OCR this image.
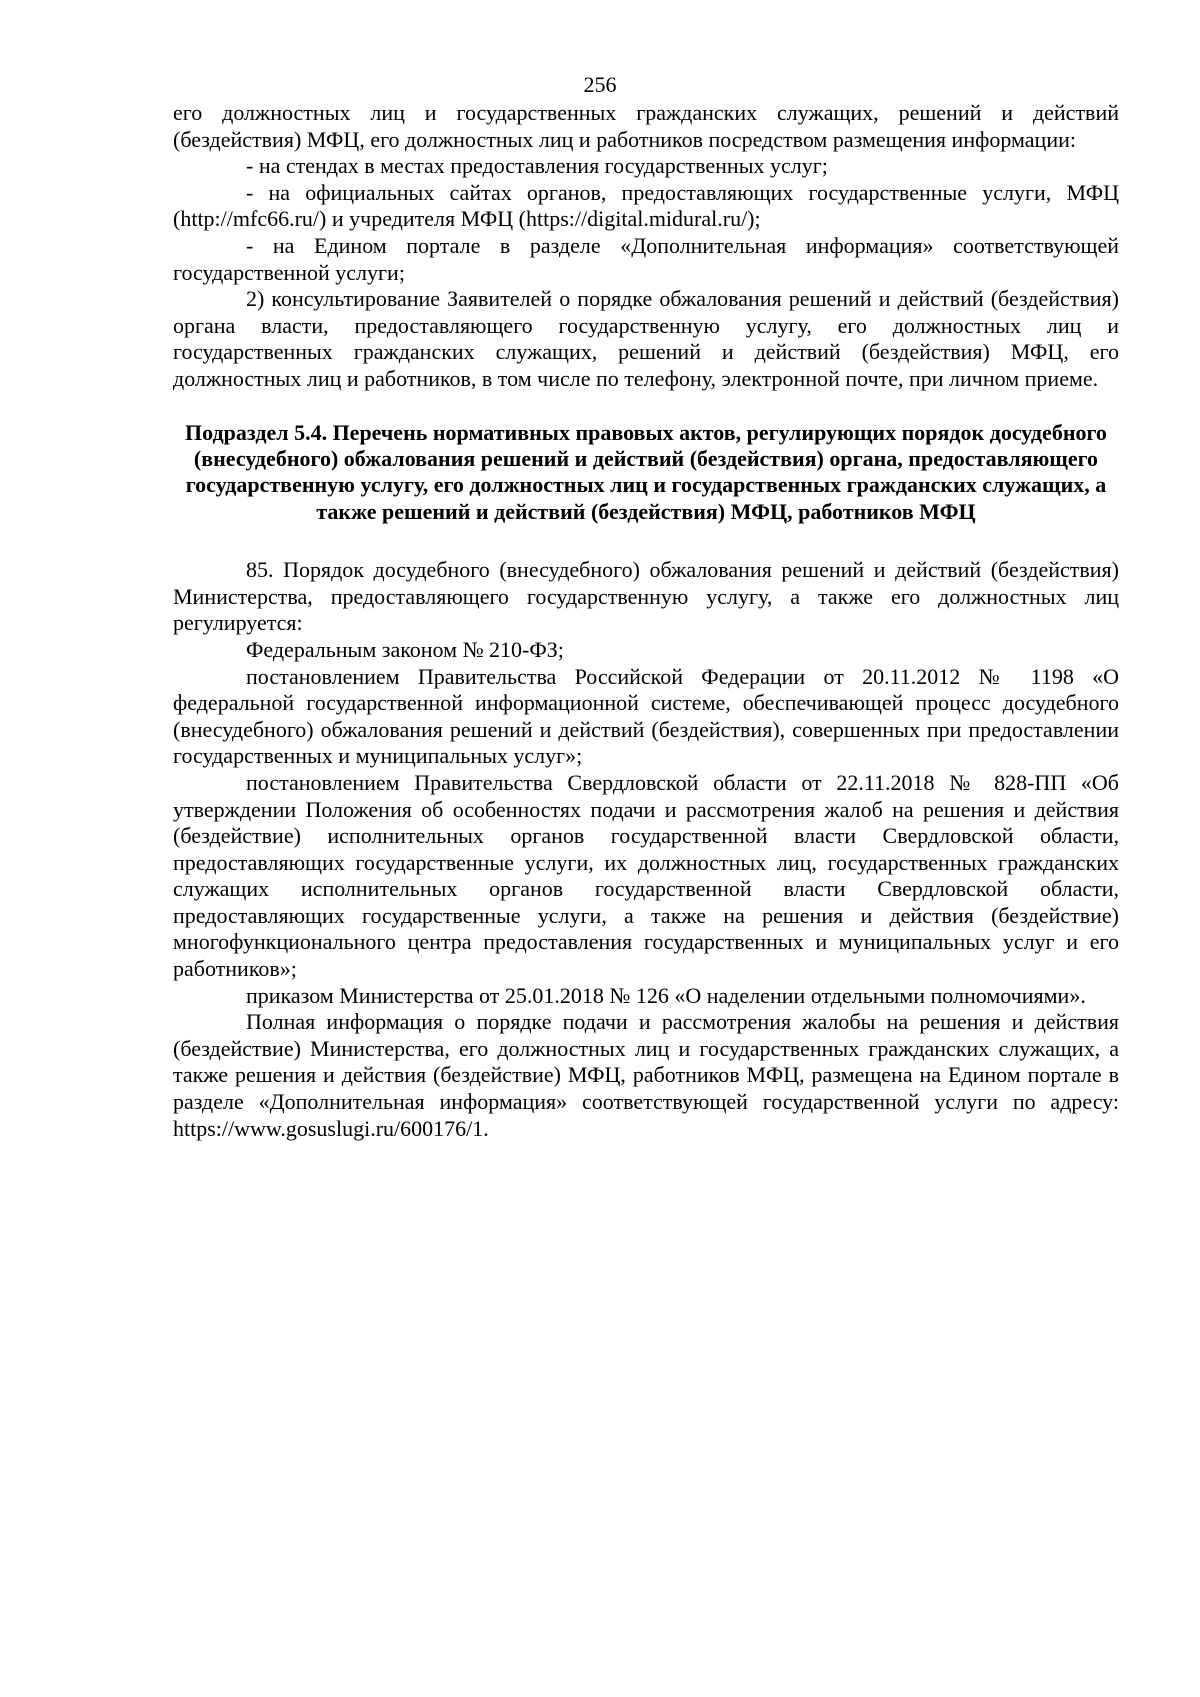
256

его должностных лиц и государственных гражданских служащих, решений и действий (бездействия) МФЦ, его должностных лиц и работников посредством размещения информации:

- на стендах в местах предоставления государственных услуг;

- на официальных сайтах органов, предоставляющих государственные услуги, МФЦ (http://mfc66.ru/) и учредителя МФЦ (https://digital.midural.ru/);

- на Едином портале в разделе «Дополнительная информация» соответствующей государственной услуги;

2) консультирование Заявителей о порядке обжалования решений и действий (бездействия) органа власти, предоставляющего государственную услугу, его должностных лиц и государственных гражданских служащих, решений и действий (бездействия) МФЦ, его должностных лиц и работников, в том числе по телефону, электронной почте, при личном приеме.

Подраздел 5.4. Перечень нормативных правовых актов, регулирующих порядок досудебного (внесудебного) обжалования решений и действий (бездействия) органа, предоставляющего государственную услугу, его должностных лиц и государственных гражданских служащих, а также решений и действий (бездействия) МФЦ, работников МФЦ

85. Порядок досудебного (внесудебного) обжалования решений и действий (бездействия) Министерства, предоставляющего государственную услугу, а также его должностных лиц регулируется:

Федеральным законом № 210-ФЗ;

постановлением Правительства Российской Федерации от 20.11.2012 № 1198 «О федеральной государственной информационной системе, обеспечивающей процесс досудебного (внесудебного) обжалования решений и действий (бездействия), совершенных при предоставлении государственных и муниципальных услуг»;

постановлением Правительства Свердловской области от 22.11.2018 № 828-ПП «Об утверждении Положения об особенностях подачи и рассмотрения жалоб на решения и действия (бездействие) исполнительных органов государственной власти Свердловской области, предоставляющих государственные услуги, их должностных лиц, государственных гражданских служащих исполнительных органов государственной власти Свердловской области, предоставляющих государственные услуги, а также на решения и действия (бездействие) многофункционального центра предоставления государственных и муниципальных услуг и его работников»;

приказом Министерства от 25.01.2018 № 126 «О наделении отдельными полномочиями».

Полная информация о порядке подачи и рассмотрения жалобы на решения и действия (бездействие) Министерства, его должностных лиц и государственных гражданских служащих, а также решения и действия (бездействие) МФЦ, работников МФЦ, размещена на Едином портале в разделе «Дополнительная информация» соответствующей государственной услуги по адресу: https://www.gosuslugi.ru/600176/1.
